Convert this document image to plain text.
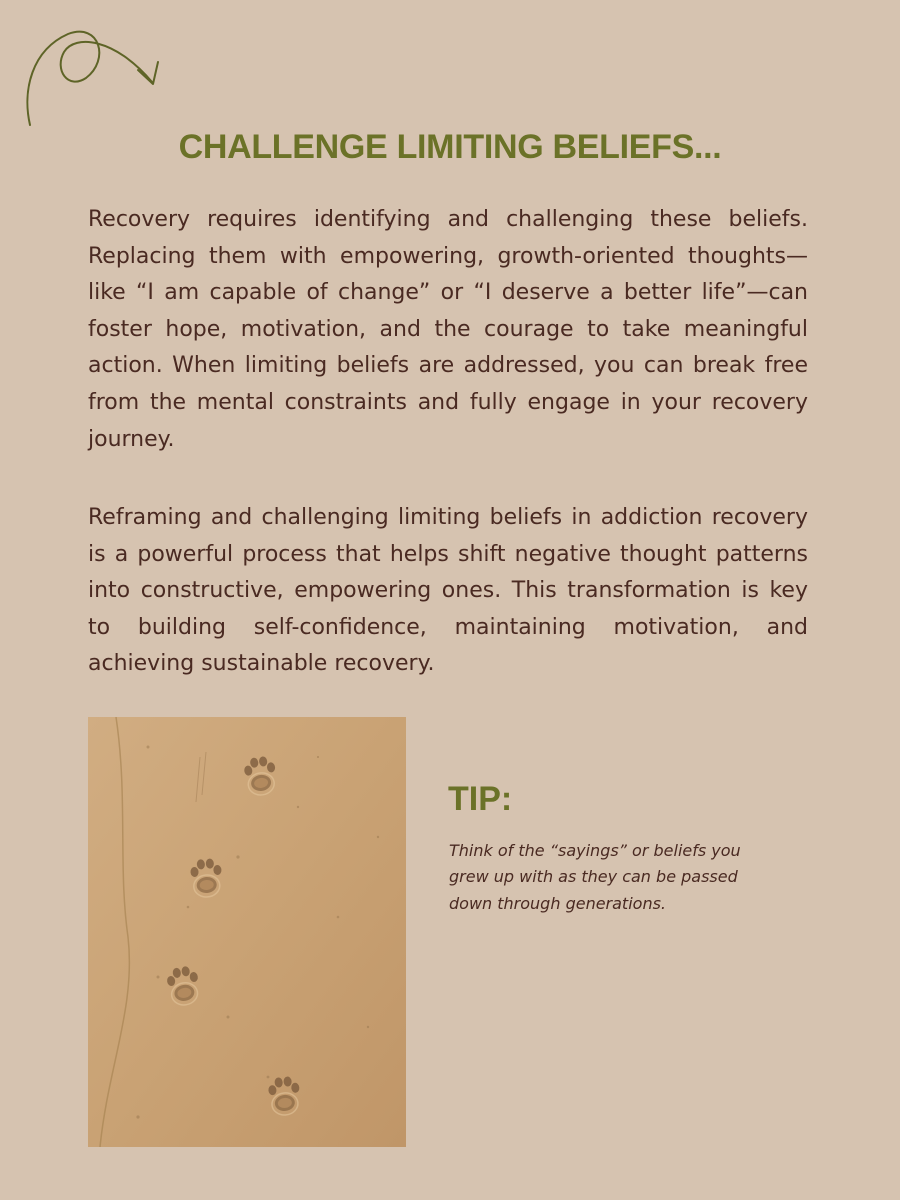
CHALLENGE LIMITING BELIEFS...

Recovery requires identifying and challenging these beliefs. Replacing them with empowering, growth-oriented thoughts—like “I am capable of change” or “I deserve a better life”—can foster hope, motivation, and the courage to take meaningful action. When limiting beliefs are addressed, you can break free from the mental constraints and fully engage in your recovery journey.

Reframing and challenging limiting beliefs in addiction recovery is a powerful process that helps shift negative thought patterns into constructive, empowering ones. This transformation is key to building self-confidence, maintaining motivation, and achieving sustainable recovery.

TIP:

Think of the “sayings” or beliefs you grew up with as they can be passed down through generations.
